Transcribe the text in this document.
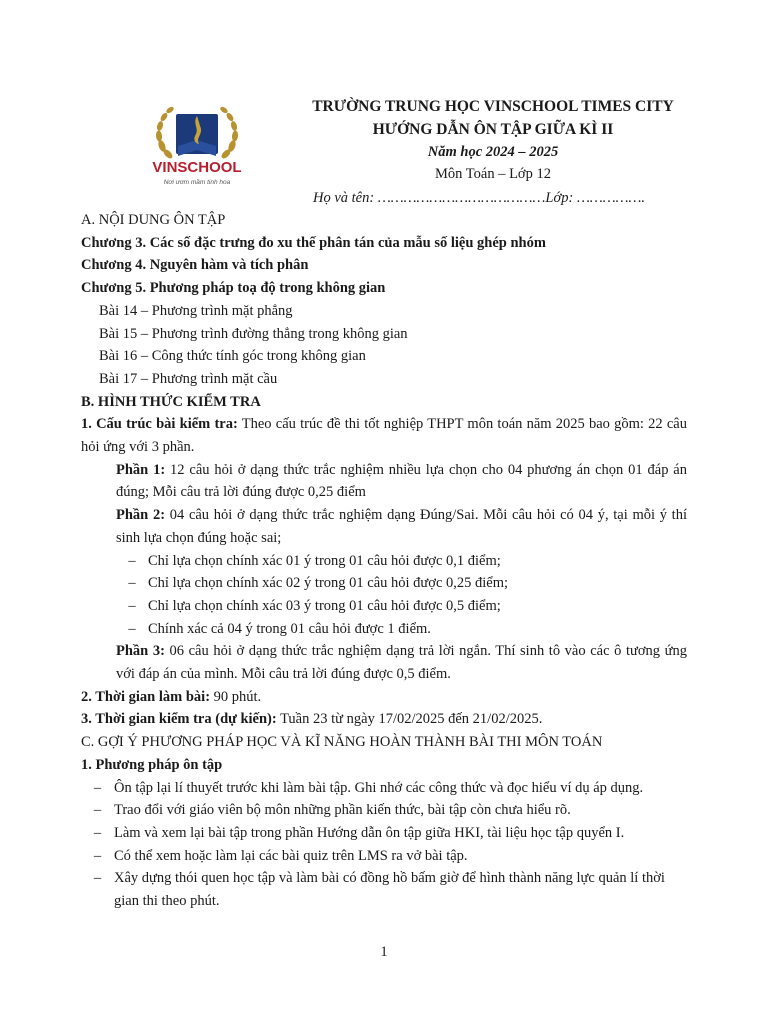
VINSCHOOL
Nơi ươm mầm tinh hoa
TRƯỜNG TRUNG HỌC VINSCHOOL TIMES CITY
HƯỚNG DẪN ÔN TẬP GIỮA KÌ II
Năm học 2024 – 2025
Môn Toán – Lớp 12
Họ và tên: …………………………………Lớp: …………….
A. NỘI DUNG ÔN TẬP
Chương 3. Các số đặc trưng đo xu thế phân tán của mẫu số liệu ghép nhóm
Chương 4. Nguyên hàm và tích phân
Chương 5. Phương pháp toạ độ trong không gian
Bài 14 – Phương trình mặt phẳng
Bài 15 – Phương trình đường thẳng trong không gian
Bài 16 – Công thức tính góc trong không gian
Bài 17 – Phương trình mặt cầu
B. HÌNH THỨC KIỂM TRA
1. Cấu trúc bài kiểm tra: Theo cấu trúc đề thi tốt nghiệp THPT môn toán năm 2025 bao gồm: 22 câu hỏi ứng với 3 phần.
Phần 1: 12 câu hỏi ở dạng thức trắc nghiệm nhiều lựa chọn cho 04 phương án chọn 01 đáp án đúng; Mỗi câu trả lời đúng được 0,25 điểm
Phần 2: 04 câu hỏi ở dạng thức trắc nghiệm dạng Đúng/Sai. Mỗi câu hỏi có 04 ý, tại mỗi ý thí sinh lựa chọn đúng hoặc sai;
– Chỉ lựa chọn chính xác 01 ý trong 01 câu hỏi được 0,1 điểm;
– Chỉ lựa chọn chính xác 02 ý trong 01 câu hỏi được 0,25 điểm;
– Chỉ lựa chọn chính xác 03 ý trong 01 câu hỏi được 0,5 điểm;
– Chính xác cả 04 ý trong 01 câu hỏi được 1 điểm.
Phần 3: 06 câu hỏi ở dạng thức trắc nghiệm dạng trả lời ngắn. Thí sinh tô vào các ô tương ứng với đáp án của mình. Mỗi câu trả lời đúng được 0,5 điểm.
2. Thời gian làm bài: 90 phút.
3. Thời gian kiểm tra (dự kiến): Tuần 23 từ ngày 17/02/2025 đến 21/02/2025.
C. GỢI Ý PHƯƠNG PHÁP HỌC VÀ KĨ NĂNG HOÀN THÀNH BÀI THI MÔN TOÁN
1. Phương pháp ôn tập
– Ôn tập lại lí thuyết trước khi làm bài tập. Ghi nhớ các công thức và đọc hiểu ví dụ áp dụng.
– Trao đổi với giáo viên bộ môn những phần kiến thức, bài tập còn chưa hiểu rõ.
– Làm và xem lại bài tập trong phần Hướng dẫn ôn tập giữa HKI, tài liệu học tập quyển I.
– Có thể xem hoặc làm lại các bài quiz trên LMS ra vở bài tập.
– Xây dựng thói quen học tập và làm bài có đồng hồ bấm giờ để hình thành năng lực quản lí thời gian thi theo phút.
1
